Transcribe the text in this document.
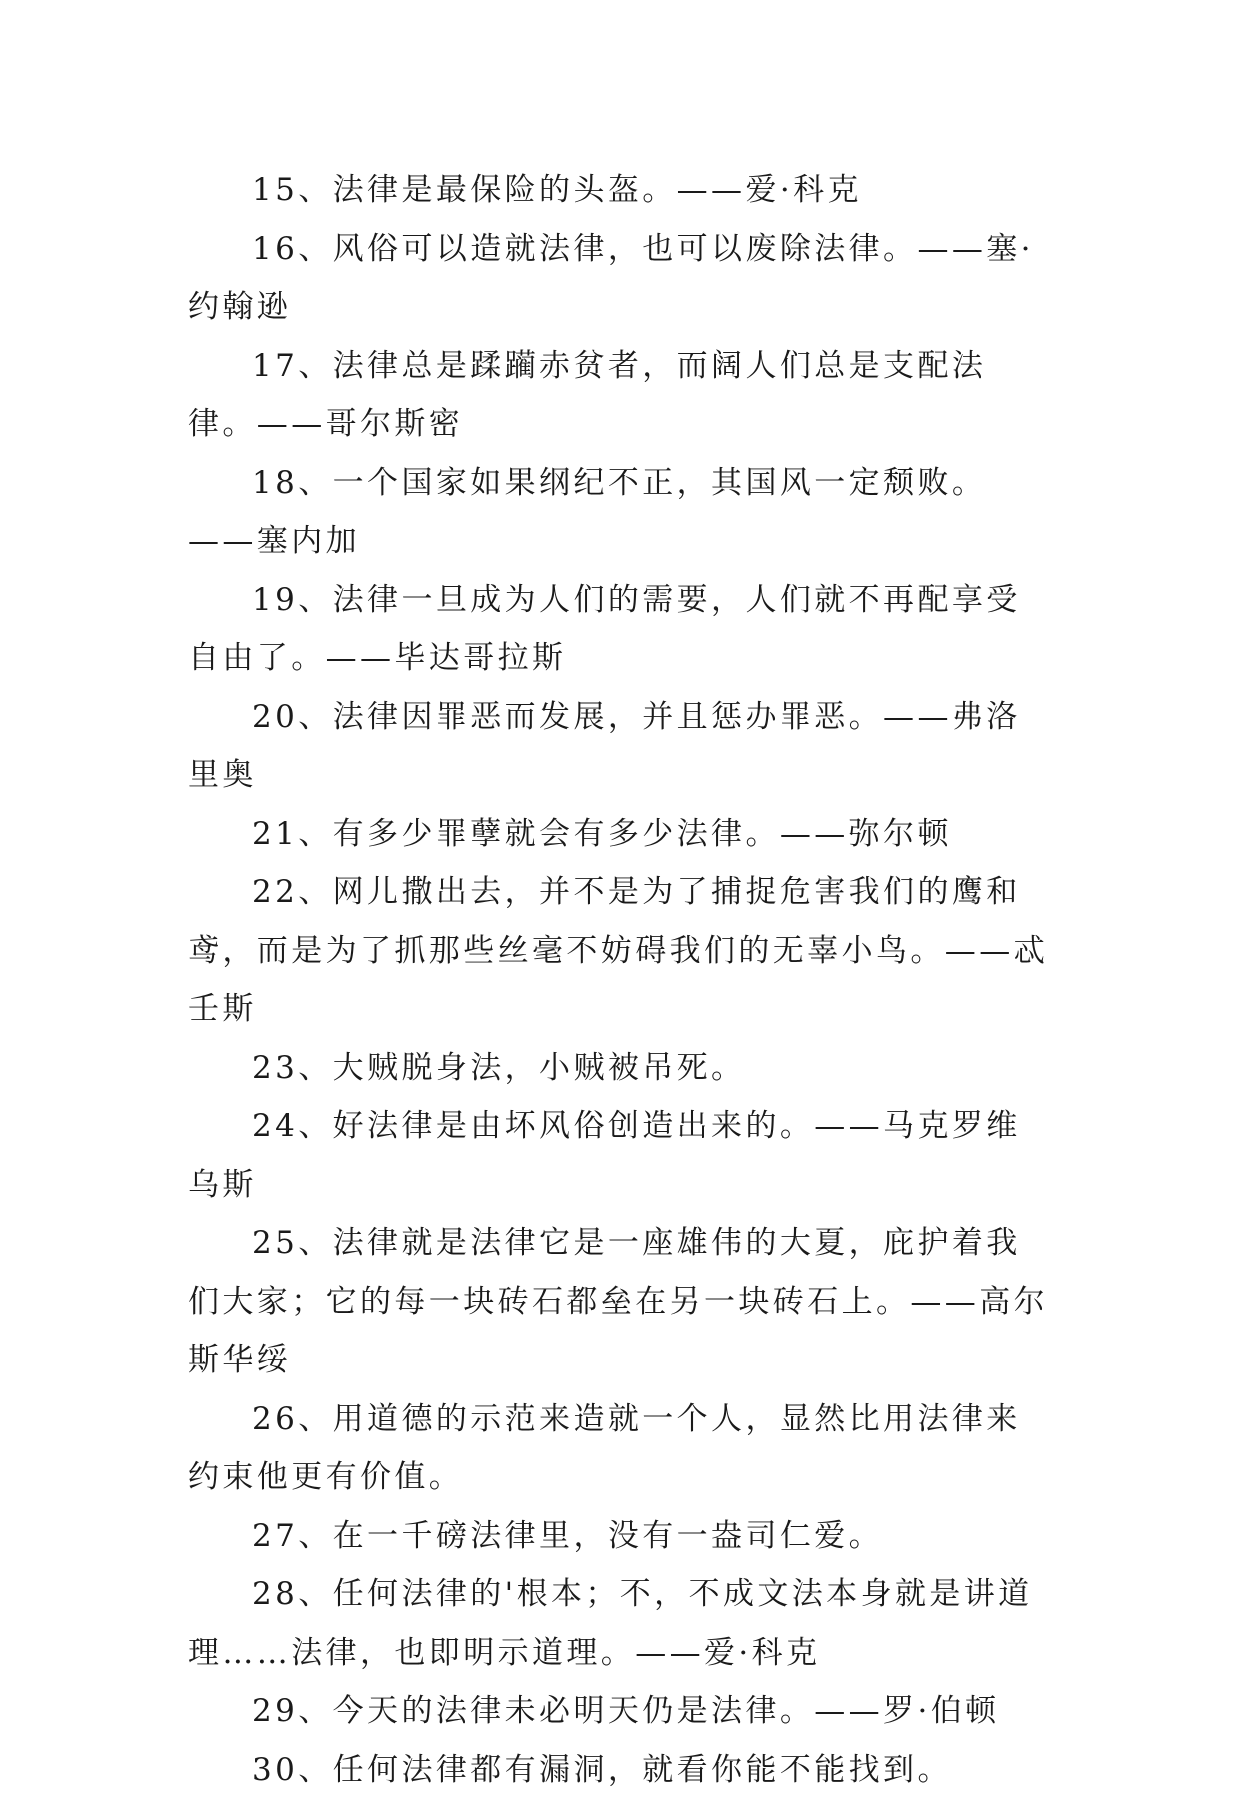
15、法律是最保险的头盔。——爱·科克

16、风俗可以造就法律，也可以废除法律。——塞·约翰逊

17、法律总是蹂躏赤贫者，而阔人们总是支配法律。——哥尔斯密

18、一个国家如果纲纪不正，其国风一定颓败。——塞内加

19、法律一旦成为人们的需要，人们就不再配享受自由了。——毕达哥拉斯

20、法律因罪恶而发展，并且惩办罪恶。——弗洛里奥

21、有多少罪孽就会有多少法律。——弥尔顿

22、网儿撒出去，并不是为了捕捉危害我们的鹰和鸢，而是为了抓那些丝毫不妨碍我们的无辜小鸟。——忒壬斯

23、大贼脱身法，小贼被吊死。

24、好法律是由坏风俗创造出来的。——马克罗维乌斯

25、法律就是法律它是一座雄伟的大夏，庇护着我们大家；它的每一块砖石都垒在另一块砖石上。——高尔斯华绥

26、用道德的示范来造就一个人，显然比用法律来约束他更有价值。

27、在一千磅法律里，没有一盎司仁爱。

28、任何法律的'根本；不，不成文法本身就是讲道理……法律，也即明示道理。——爱·科克

29、今天的法律未必明天仍是法律。——罗·伯顿

30、任何法律都有漏洞，就看你能不能找到。
